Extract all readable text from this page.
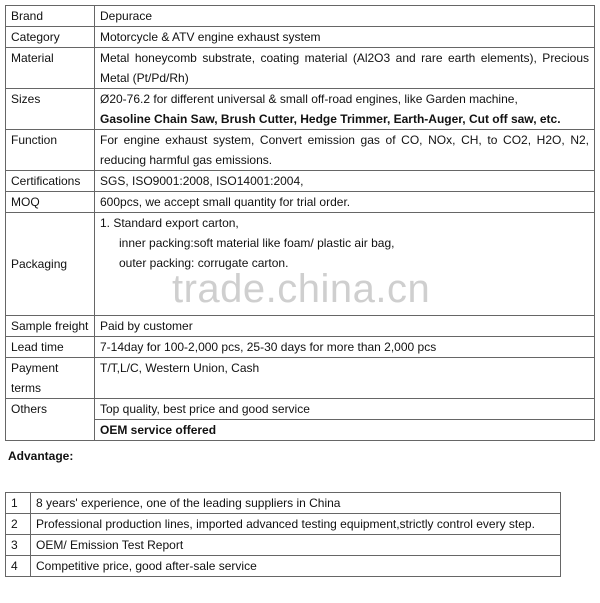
Brand	Depurace
Category	Motorcycle & ATV engine exhaust system
Material	Metal honeycomb substrate, coating material (Al2O3 and rare earth elements), Precious Metal (Pt/Pd/Rh)
Sizes	Ø20-76.2 for different universal & small off-road engines, like Garden machine,
Gasoline Chain Saw, Brush Cutter, Hedge Trimmer, Earth-Auger, Cut off saw, etc.

Function	For engine exhaust system, Convert emission gas of CO, NOx, CH, to CO2, H2O, N2, reducing harmful gas emissions.
Certifications	SGS, ISO9001:2008, ISO14001:2004,
MOQ	600pcs, we accept small quantity for trial order.
Packaging	1. Standard export carton,
inner packing:soft material like foam/ plastic air bag,
outer packing: corrugate carton.

Sample freight	Paid by customer
Lead time	7-14day for 100-2,000 pcs, 25-30 days for more than 2,000 pcs
Payment terms	T/T,L/C, Western Union, Cash
Others	Top quality, best price and good service
	OEM service offered
trade.china.cn
Advantage:
1	8 years' experience, one of the leading suppliers in China
2	Professional production lines, imported advanced testing equipment,strictly control every step.
3	OEM/ Emission Test Report
4	Competitive price, good after-sale service
